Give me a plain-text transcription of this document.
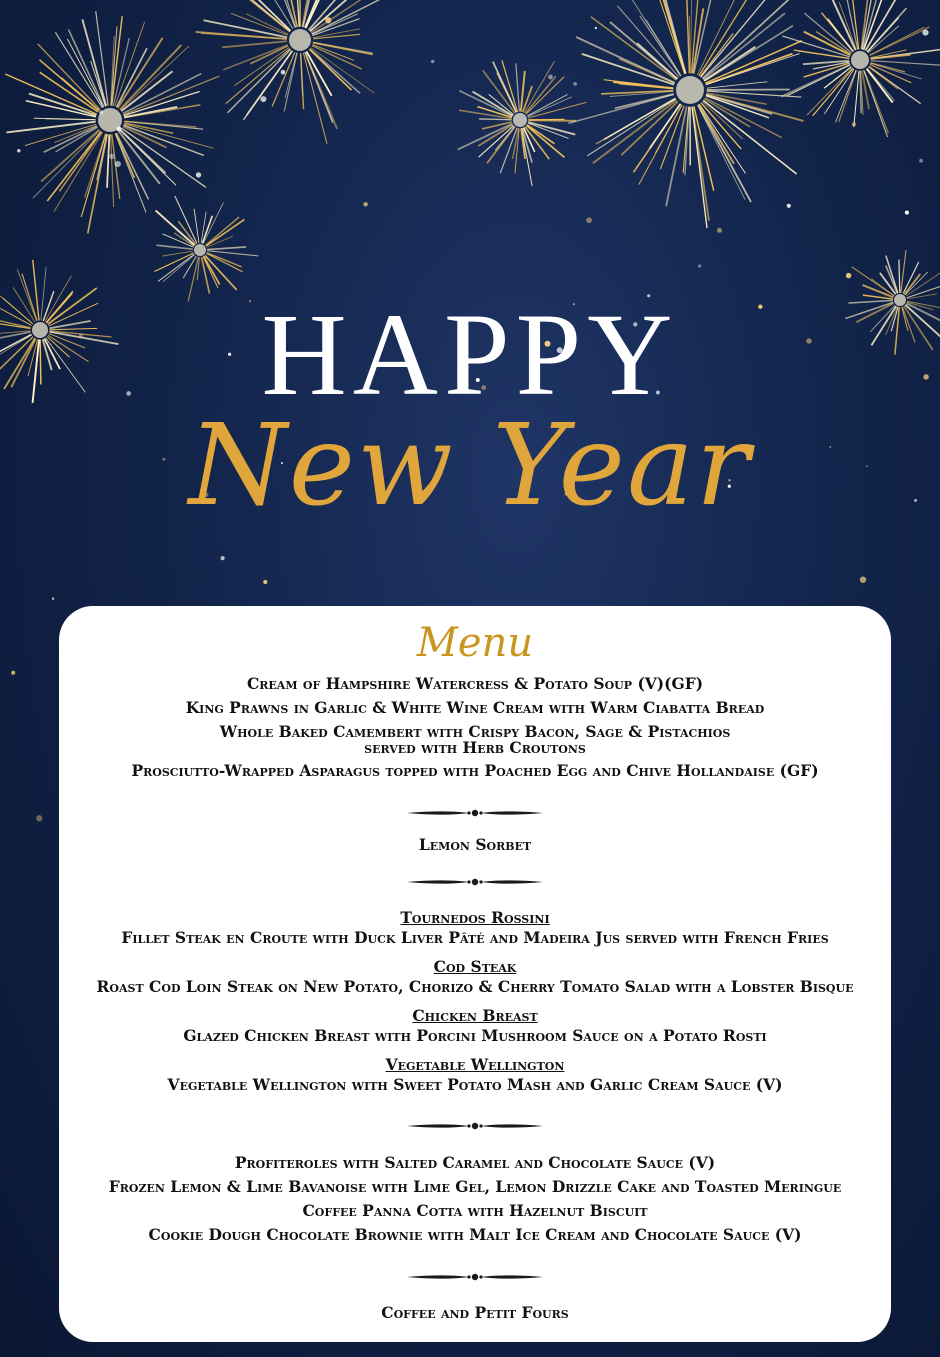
HAPPY
New Year
Menu
Cream of Hampshire Watercress & Potato Soup (V)(GF)
King Prawns in Garlic & White Wine Cream with Warm Ciabatta Bread
Whole Baked Camembert with Crispy Bacon, Sage & Pistachios
served with Herb Croutons
Prosciutto-Wrapped Asparagus topped with Poached Egg and Chive Hollandaise (GF)
Lemon Sorbet
Tournedos Rossini
Fillet Steak en Croute with Duck Liver Pâté and Madeira Jus served with French Fries
Cod Steak
Roast Cod Loin Steak on New Potato, Chorizo & Cherry Tomato Salad with a Lobster Bisque
Chicken Breast
Glazed Chicken Breast with Porcini Mushroom Sauce on a Potato Rosti
Vegetable Wellington
Vegetable Wellington with Sweet Potato Mash and Garlic Cream Sauce (V)
Profiteroles with Salted Caramel and Chocolate Sauce (V)
Frozen Lemon & Lime Bavanoise with Lime Gel, Lemon Drizzle Cake and Toasted Meringue
Coffee Panna Cotta with Hazelnut Biscuit
Cookie Dough Chocolate Brownie with Malt Ice Cream and Chocolate Sauce (V)
Coffee and Petit Fours
